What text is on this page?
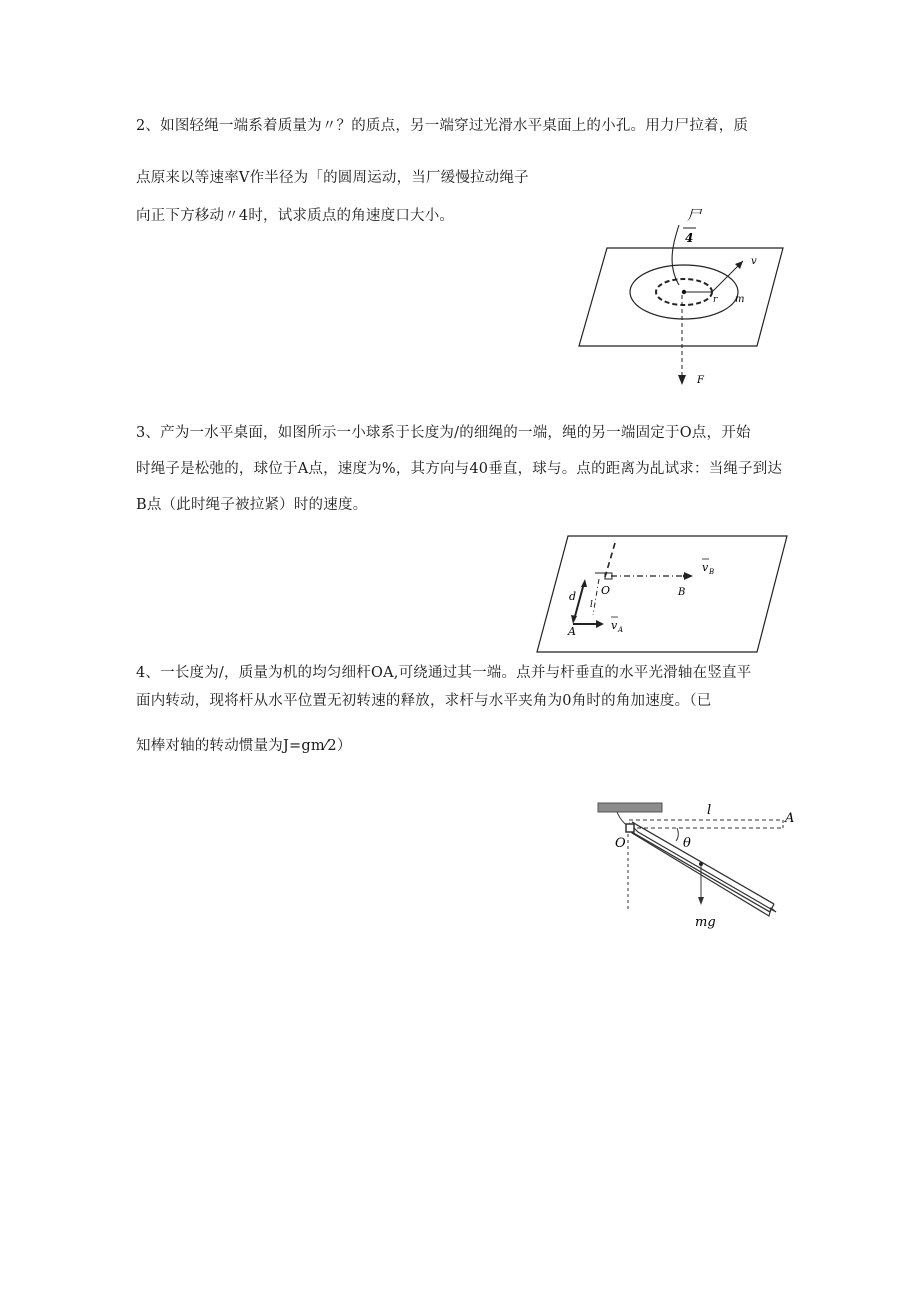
2、如图轻绳一端系着质量为〃？的质点，另一端穿过光滑水平桌面上的小孔。用力尸拉着，质
点原来以等速率V作半径为「的圆周运动，当厂缓慢拉动绳子
向正下方移动〃4时，试求质点的角速度口大小。	尸
4
v
r m
F
3、产为一水平桌面，如图所示一小球系于长度为/的细绳的一端，绳的另一端固定于O点，开始
时绳子是松弛的，球位于A点，速度为%，其方向与40垂直，球与。点的距离为乩试求：当绳子到达
B点（此时绳子被拉紧）时的速度。
v B
O	B
d
l
A	v A
4、一长度为/，质量为机的均匀细杆OA,可绕通过其一端。点并与杆垂直的水平光滑轴在竖直平
面内转动，现将杆从水平位置无初转速的释放，求杆与水平夹角为0角时的角加速度。（已
知棒对轴的转动惯量为J=gm⁄2）
l
A
O	θ
mg
